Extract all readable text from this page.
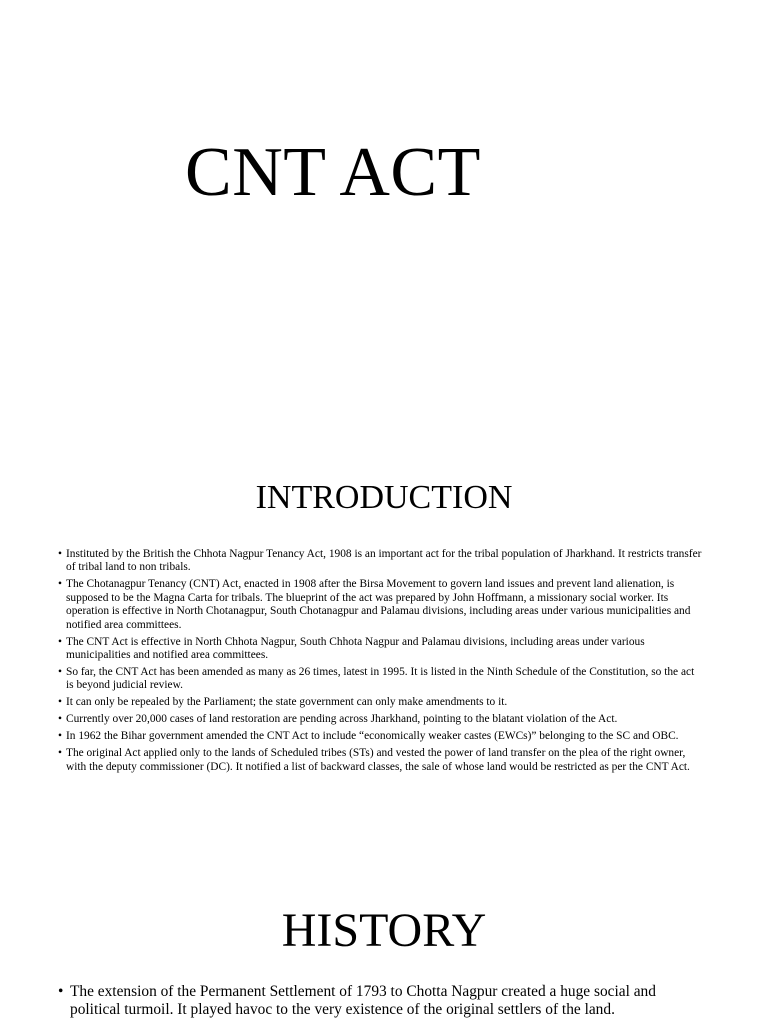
CNT ACT
INTRODUCTION
• Instituted by the British the Chhota Nagpur Tenancy Act, 1908 is an important act for the tribal population of Jharkhand. It restricts transfer of tribal land to non tribals.
• The Chotanagpur Tenancy (CNT) Act, enacted in 1908 after the Birsa Movement to govern land issues and prevent land alienation, is supposed to be the Magna Carta for tribals. The blueprint of the act was prepared by John Hoffmann, a missionary social worker. Its operation is effective in North Chotanagpur, South Chotanagpur and Palamau divisions, including areas under various municipalities and notified area committees.
• The CNT Act is effective in North Chhota Nagpur, South Chhota Nagpur and Palamau divisions, including areas under various municipalities and notified area committees.
• So far, the CNT Act has been amended as many as 26 times, latest in 1995. It is listed in the Ninth Schedule of the Constitution, so the act is beyond judicial review.
• It can only be repealed by the Parliament; the state government can only make amendments to it.
• Currently over 20,000 cases of land restoration are pending across Jharkhand, pointing to the blatant violation of the Act.
• In 1962 the Bihar government amended the CNT Act to include “economically weaker castes (EWCs)” belonging to the SC and OBC.
• The original Act applied only to the lands of Scheduled tribes (STs) and vested the power of land transfer on the plea of the right owner, with the deputy commissioner (DC). It notified a list of backward classes, the sale of whose land would be restricted as per the CNT Act.
HISTORY
• The extension of the Permanent Settlement of 1793 to Chotta Nagpur created a huge social and political turmoil. It played havoc to the very existence of the original settlers of the land.
